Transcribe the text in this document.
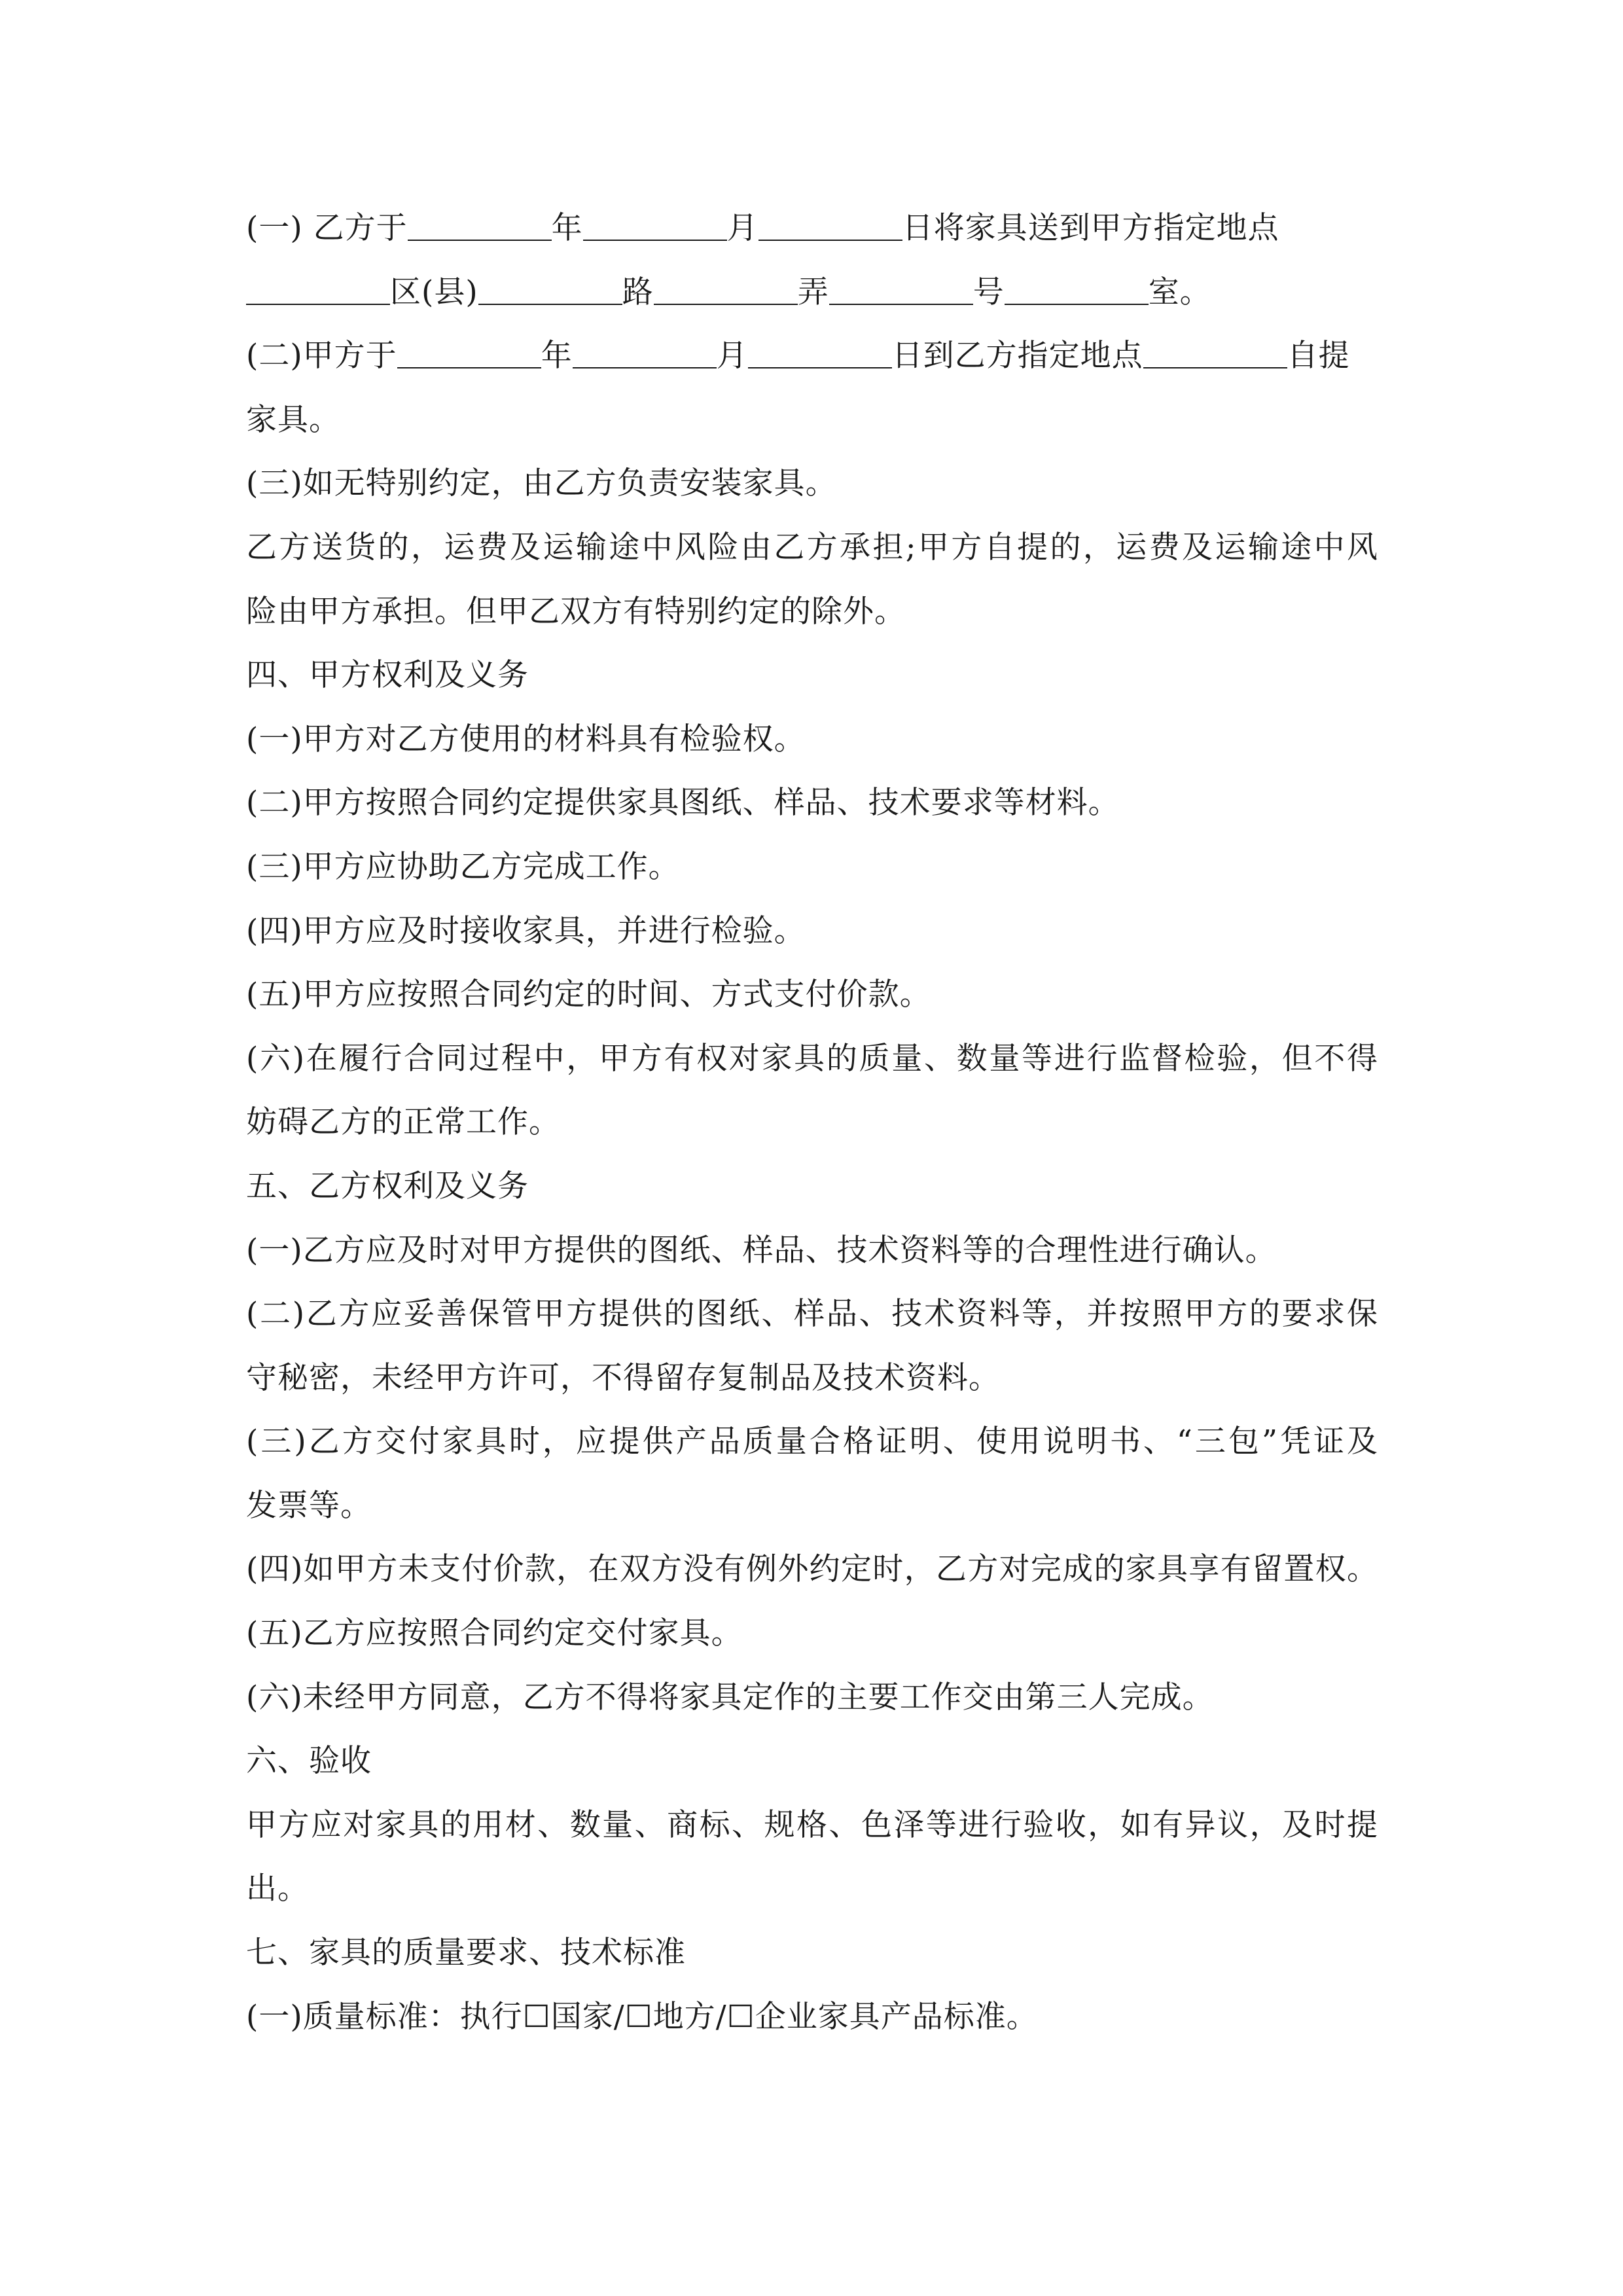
(一) 乙方于	年	月	日将家具送到甲方指定地点
区(县)	路	弄	号	室。
(二)甲方于	年	月	日到乙方指定地点	自提
家具。
(三)如无特别约定，由乙方负责安装家具。
乙方送货的，运费及运输途中风险由乙方承担;甲方自提的，运费及运输途中风
险由甲方承担。但甲乙双方有特别约定的除外。
四、甲方权利及义务
(一)甲方对乙方使用的材料具有检验权。
(二)甲方按照合同约定提供家具图纸、样品、技术要求等材料。
(三)甲方应协助乙方完成工作。
(四)甲方应及时接收家具，并进行检验。
(五)甲方应按照合同约定的时间、方式支付价款。
(六)在履行合同过程中，甲方有权对家具的质量、数量等进行监督检验，但不得
妨碍乙方的正常工作。
五、乙方权利及义务
(一)乙方应及时对甲方提供的图纸、样品、技术资料等的合理性进行确认。
(二)乙方应妥善保管甲方提供的图纸、样品、技术资料等，并按照甲方的要求保
守秘密，未经甲方许可，不得留存复制品及技术资料。
(三)乙方交付家具时，应提供产品质量合格证明、使用说明书、“三包”凭证及
发票等。
(四)如甲方未支付价款，在双方没有例外约定时，乙方对完成的家具享有留置权。
(五)乙方应按照合同约定交付家具。
(六)未经甲方同意，乙方不得将家具定作的主要工作交由第三人完成。
六、验收
甲方应对家具的用材、数量、商标、规格、色泽等进行验收，如有异议，及时提
出。
七、家具的质量要求、技术标准
(一)质量标准：执行☐国家/☐地方/☐企业家具产品标准。
